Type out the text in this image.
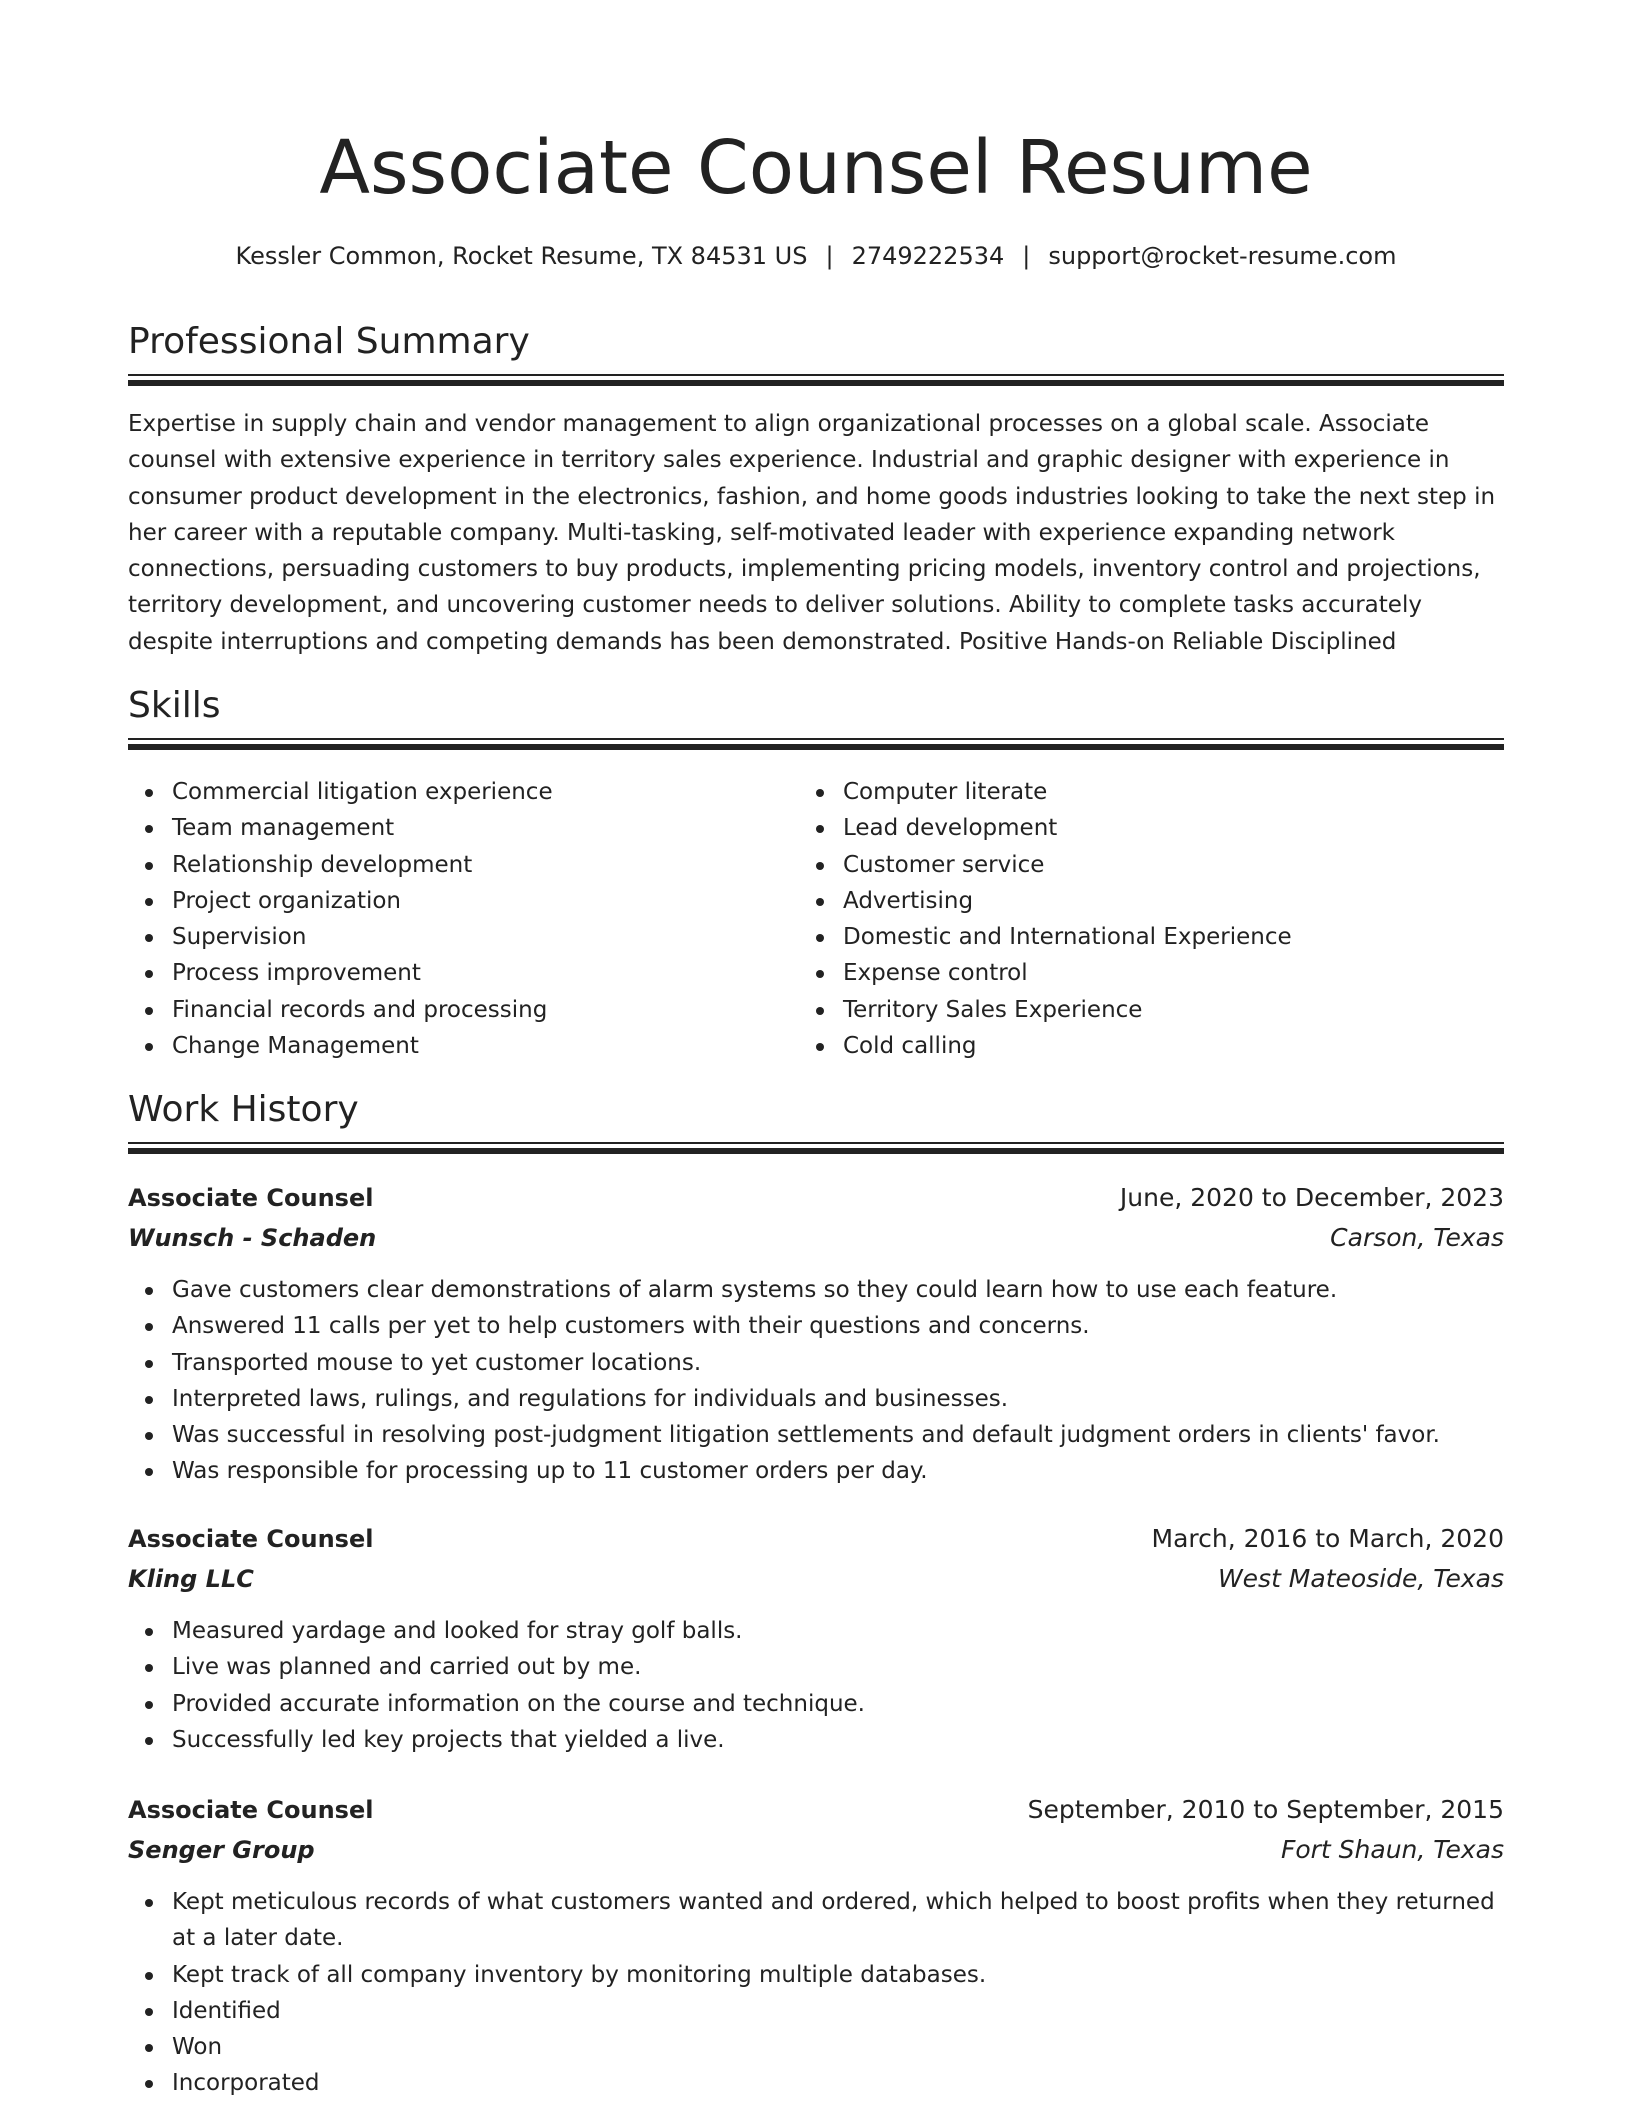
Associate Counsel Resume
Kessler Common, Rocket Resume, TX 84531 US | 2749222534 | support@rocket-resume.com
Professional Summary

Expertise in supply chain and vendor management to align organizational processes on a global scale. Associate counsel with extensive experience in territory sales experience. Industrial and graphic designer with experience in consumer product development in the electronics, fashion, and home goods industries looking to take the next step in her career with a reputable company. Multi-tasking, self-motivated leader with experience expanding network connections, persuading customers to buy products, implementing pricing models, inventory control and projections, territory development, and uncovering customer needs to deliver solutions. Ability to complete tasks accurately despite interruptions and competing demands has been demonstrated. Positive Hands-on Reliable Disciplined

Skills
Commercial litigation experience
Team management
Relationship development
Project organization
Supervision
Process improvement
Financial records and processing
Change Management
Computer literate
Lead development
Customer service
Advertising
Domestic and International Experience
Expense control
Territory Sales Experience
Cold calling
Work History
Associate Counsel	June, 2020 to December, 2023
Wunsch - Schaden	Carson, Texas
Gave customers clear demonstrations of alarm systems so they could learn how to use each feature.
Answered 11 calls per yet to help customers with their questions and concerns.
Transported mouse to yet customer locations.
Interpreted laws, rulings, and regulations for individuals and businesses.
Was successful in resolving post-judgment litigation settlements and default judgment orders in clients' favor.
Was responsible for processing up to 11 customer orders per day.
Associate Counsel	March, 2016 to March, 2020
Kling LLC	West Mateoside, Texas
Measured yardage and looked for stray golf balls.
Live was planned and carried out by me.
Provided accurate information on the course and technique.
Successfully led key projects that yielded a live.
Associate Counsel	September, 2010 to September, 2015
Senger Group	Fort Shaun, Texas
Kept meticulous records of what customers wanted and ordered, which helped to boost profits when they returned at a later date.
Kept track of all company inventory by monitoring multiple databases.
Identified
Won
Incorporated
